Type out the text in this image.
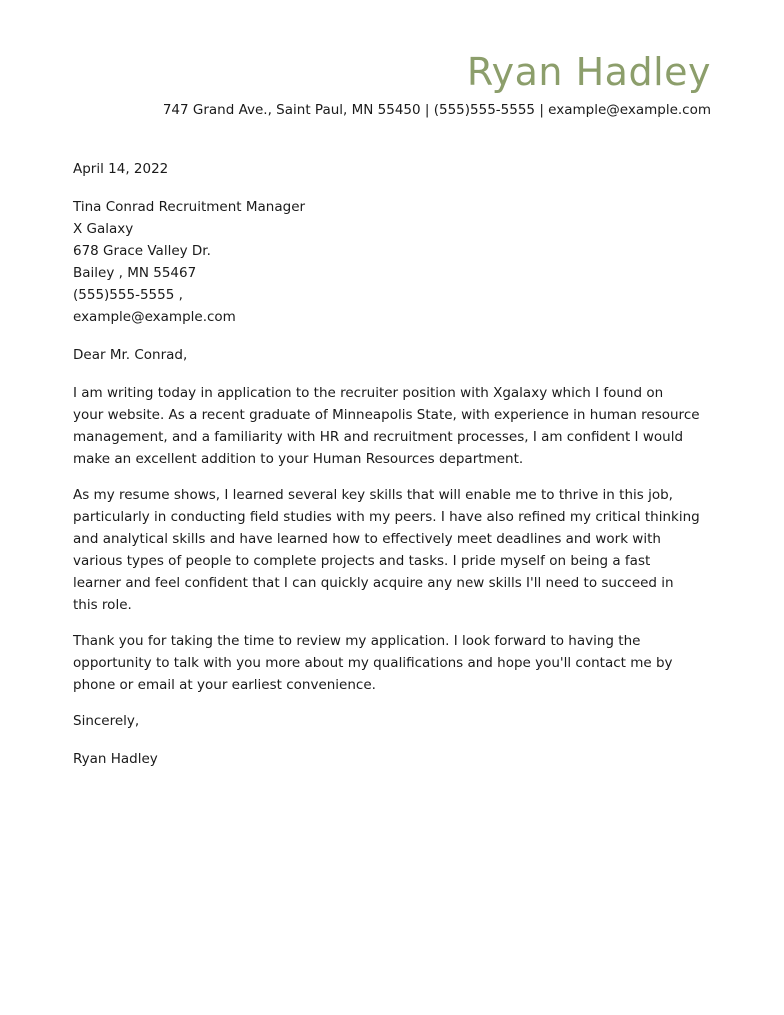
Ryan Hadley
747 Grand Ave., Saint Paul, MN 55450 | (555)555-5555 | example@example.com
April 14, 2022
Tina Conrad Recruitment Manager
X Galaxy
678 Grace Valley Dr.
Bailey , MN 55467
(555)555-5555 ,
example@example.com
Dear Mr. Conrad,
I am writing today in application to the recruiter position with Xgalaxy which I found on
your website. As a recent graduate of Minneapolis State, with experience in human resource
management, and a familiarity with HR and recruitment processes, I am confident I would
make an excellent addition to your Human Resources department.
As my resume shows, I learned several key skills that will enable me to thrive in this job,
particularly in conducting field studies with my peers. I have also refined my critical thinking
and analytical skills and have learned how to effectively meet deadlines and work with
various types of people to complete projects and tasks. I pride myself on being a fast
learner and feel confident that I can quickly acquire any new skills I'll need to succeed in
this role.
Thank you for taking the time to review my application. I look forward to having the
opportunity to talk with you more about my qualifications and hope you'll contact me by
phone or email at your earliest convenience.
Sincerely,
Ryan Hadley
